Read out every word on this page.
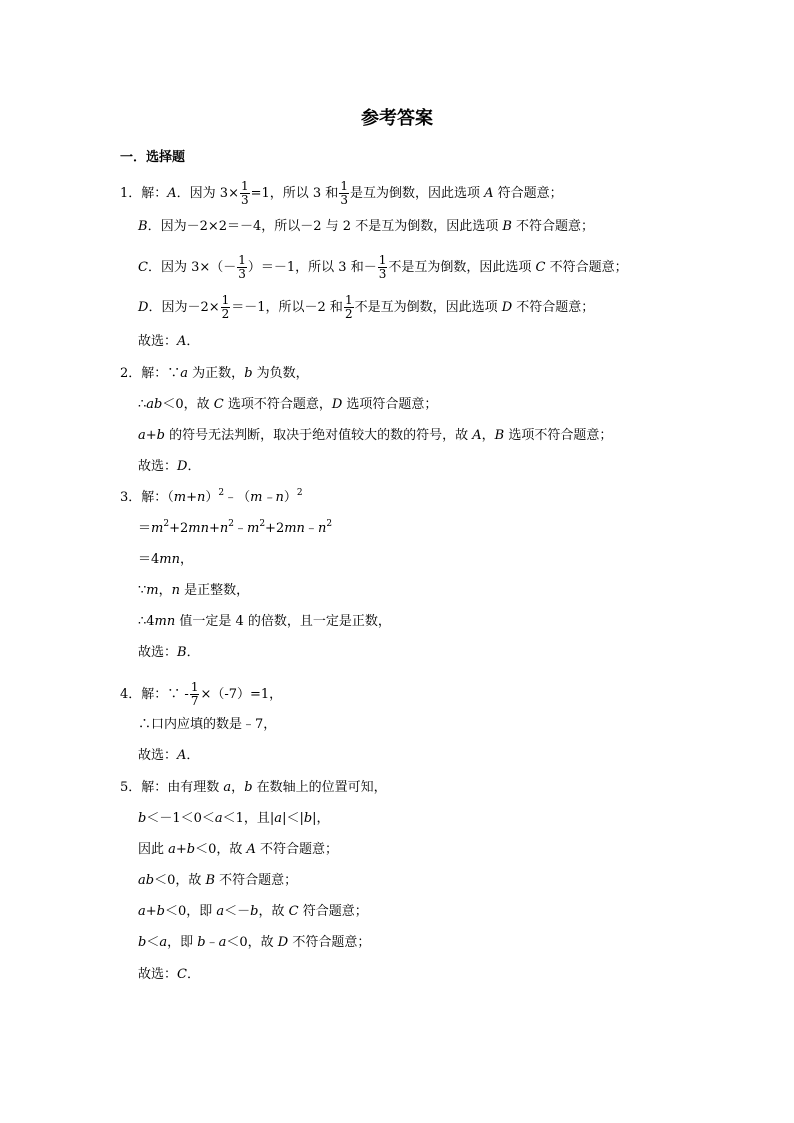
参考答案
一．选择题
1．解：A．因为 $3\times \frac{1}{3} =1$，所以 3 和 $\frac{1}{3}$ 是互为倒数，因此选项 A 符合题意；
B．因为－2×2＝－4，所以－2 与 2 不是互为倒数，因此选项 B 不符合题意；
C．因为 $3\times(- \frac{1}{3} )=-1$，所以 3 和－ $\frac{1}{3}$ 不是互为倒数，因此选项 C 不符合题意；
D．因为$-2\times \frac{1}{2} =-1$，所以－2 和 $\frac{1}{2}$ 不是互为倒数，因此选项 D 不符合题意；
故选：A．
2．解：∵a 为正数，b 为负数，
∴ab＜0，故 C 选项不符合题意，D 选项符合题意；
a+b 的符号无法判断，取决于绝对值较大的数的符号，故 A，B 选项不符合题意；
故选：D．
3．解：$(m+n)^2﹣(m﹣n)^2$
$=m^2+2mn+n^2﹣m^2+2mn﹣n^2$
＝4mn，
∵m，n 是正整数，
∴4mn 值一定是 4 的倍数，且一定是正数，
故选：B．
4．解：∵ - $\frac{1}{7} \times(-7)=1$，
∴口内应填的数是﹣7，
故选：A．
5．解：由有理数 a，b 在数轴上的位置可知，
b＜－1＜0＜a＜1，且|a|＜|b|，
因此 a+b＜0，故 A 不符合题意；
ab＜0，故 B 不符合题意；
a+b＜0，即 a＜－b，故 C 符合题意；
b＜a，即 b﹣a＜0，故 D 不符合题意；
故选：C．
